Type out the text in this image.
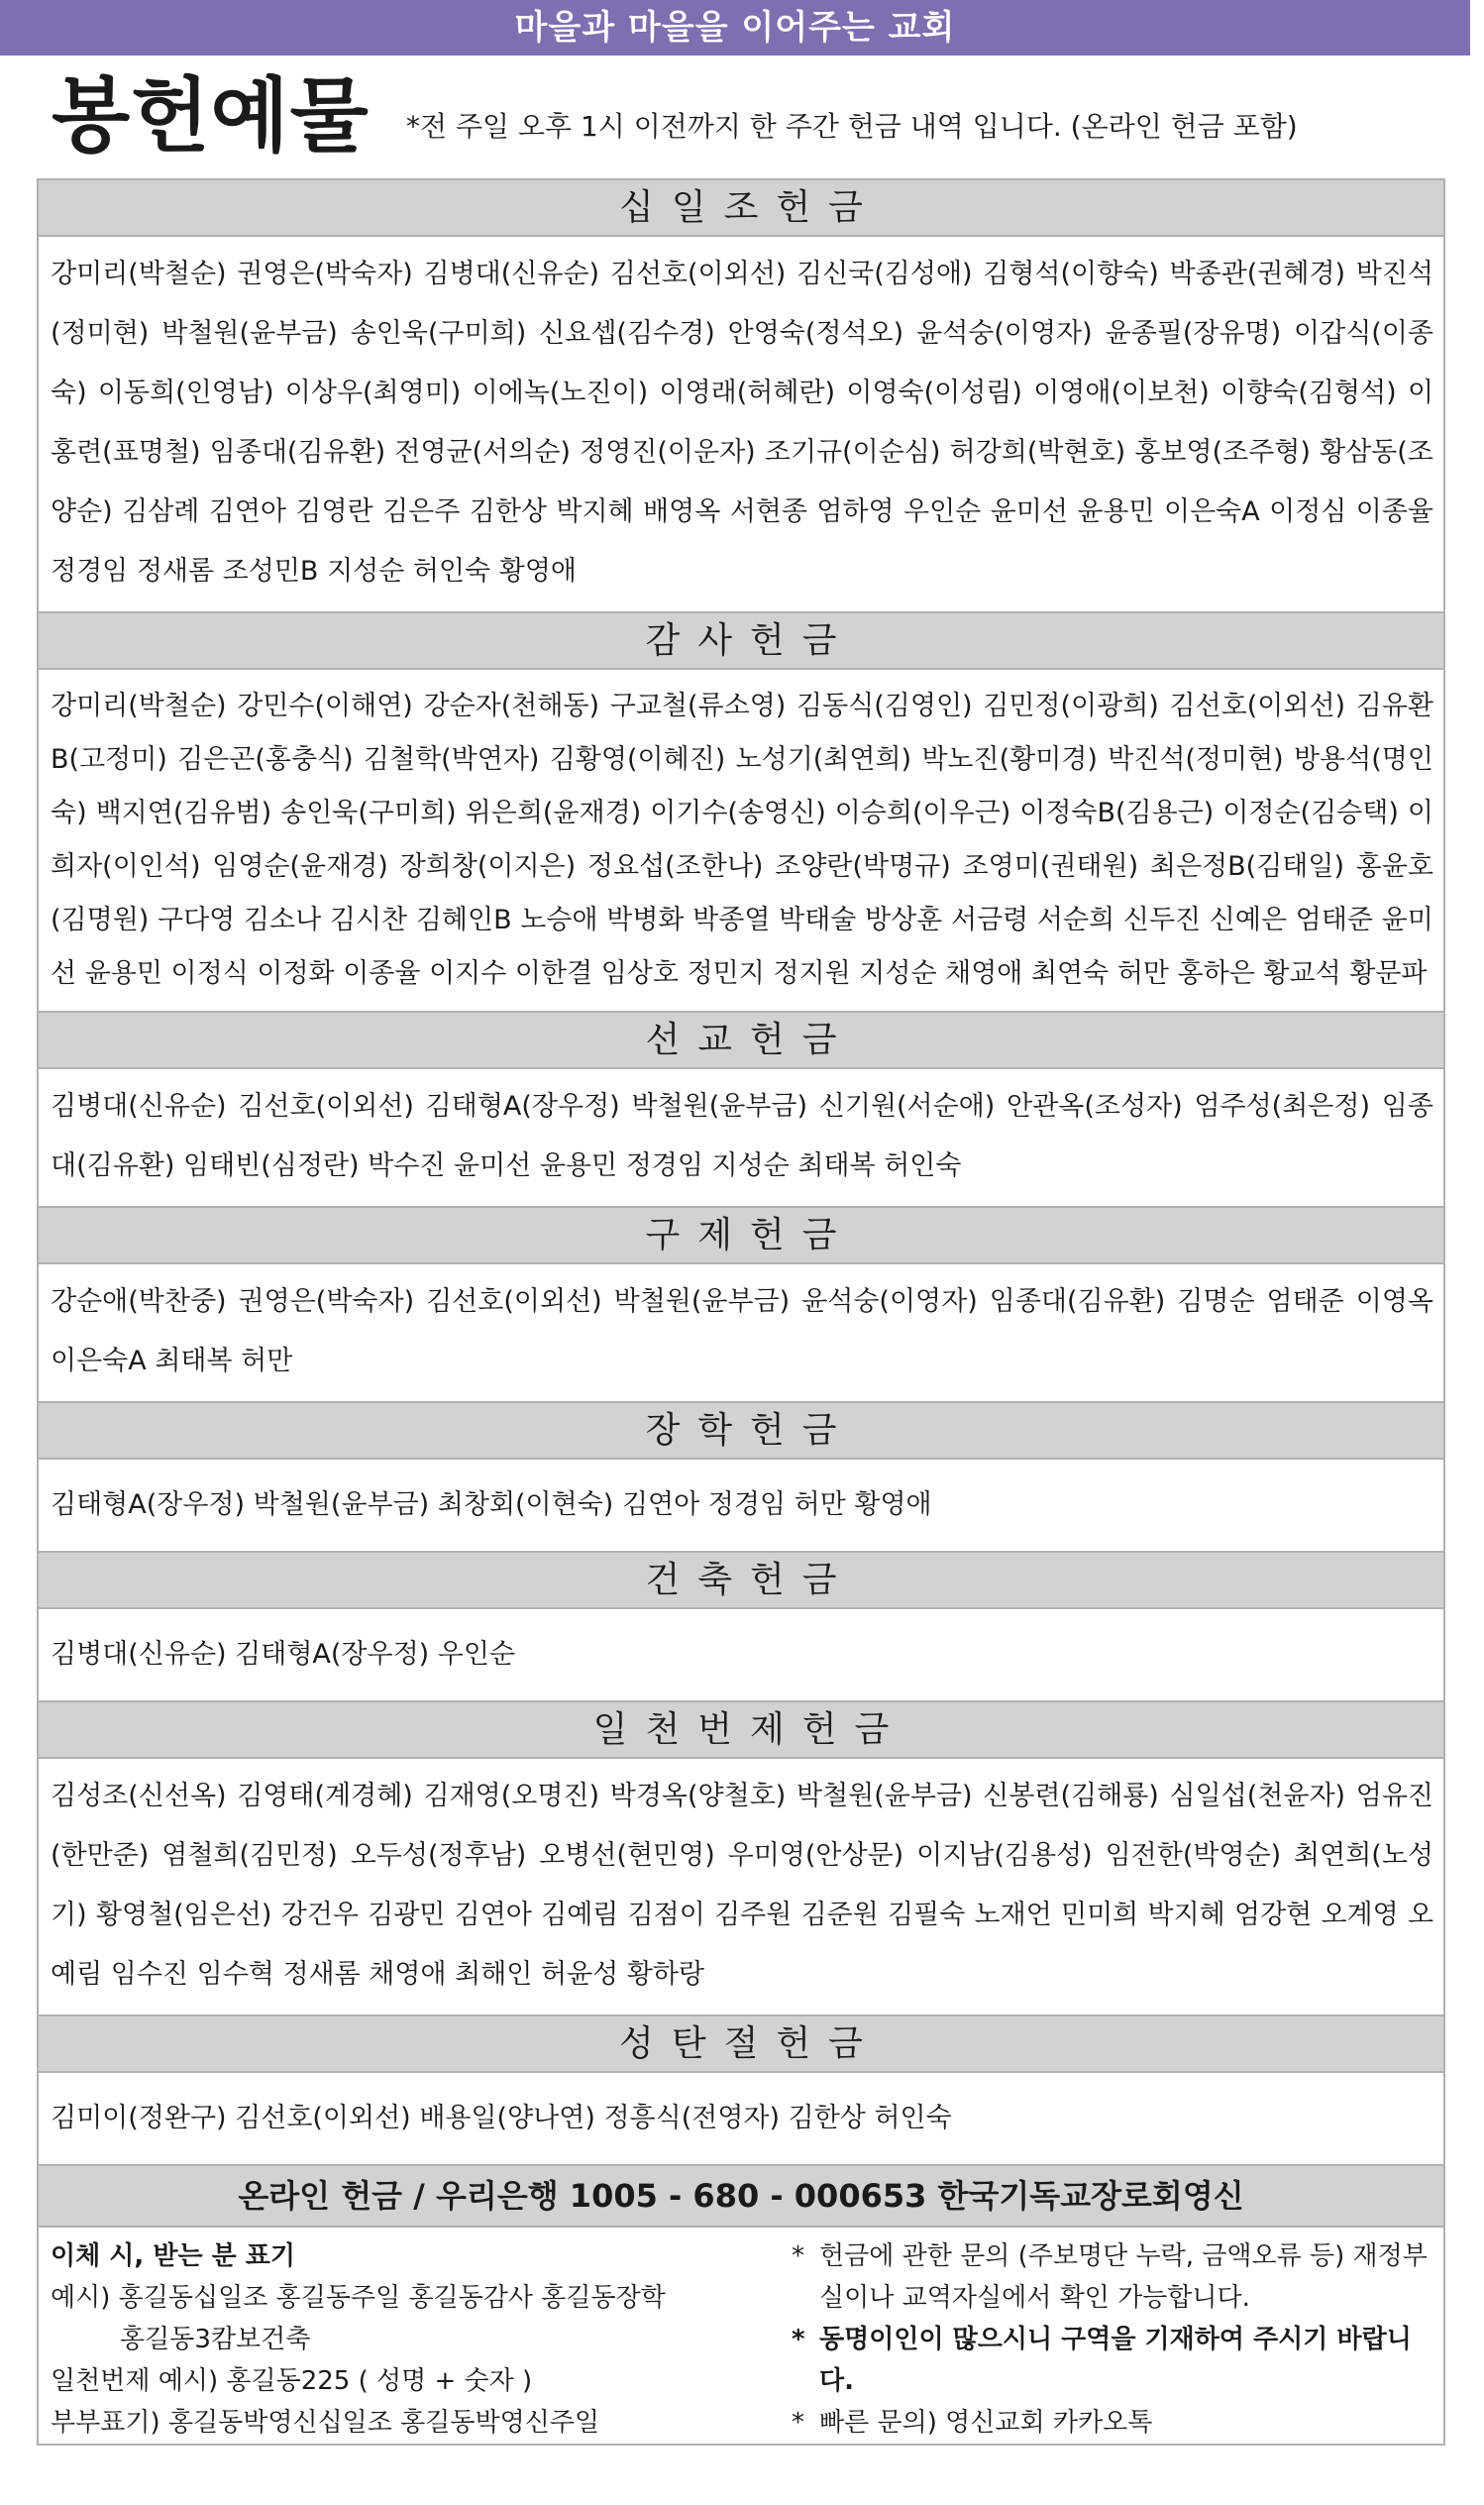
마을과 마을을 이어주는 교회
봉헌예물 *전 주일 오후 1시 이전까지 한 주간 헌금 내역 입니다. (온라인 헌금 포함)
십일조헌금
강미리(박철순) 권영은(박숙자) 김병대(신유순) 김선호(이외선) 김신국(김성애) 김형석(이향숙) 박종관(권혜경) 박진석(정미현) 박철원(윤부금) 송인욱(구미희) 신요셉(김수경) 안영숙(정석오) 윤석숭(이영자) 윤종필(장유명) 이갑식(이종숙) 이동희(인영남) 이상우(최영미) 이에녹(노진이) 이영래(허혜란) 이영숙(이성림) 이영애(이보천) 이향숙(김형석) 이홍련(표명철) 임종대(김유환) 전영균(서의순) 정영진(이운자) 조기규(이순심) 허강희(박현호) 홍보영(조주형) 황삼동(조양순) 김삼례 김연아 김영란 김은주 김한상 박지혜 배영옥 서현종 엄하영 우인순 윤미선 윤용민 이은숙A 이정심 이종율 정경임 정새롬 조성민B 지성순 허인숙 황영애
감사헌금
강미리(박철순) 강민수(이해연) 강순자(천해동) 구교철(류소영) 김동식(김영인) 김민정(이광희) 김선호(이외선) 김유환B(고정미) 김은곤(홍충식) 김철학(박연자) 김황영(이혜진) 노성기(최연희) 박노진(황미경) 박진석(정미현) 방용석(명인숙) 백지연(김유범) 송인욱(구미희) 위은희(윤재경) 이기수(송영신) 이승희(이우근) 이정숙B(김용근) 이정순(김승택) 이희자(이인석) 임영순(윤재경) 장희창(이지은) 정요섭(조한나) 조양란(박명규) 조영미(권태원) 최은정B(김태일) 홍윤호(김명원) 구다영 김소나 김시찬 김혜인B 노승애 박병화 박종열 박태술 방상훈 서금령 서순희 신두진 신예은 엄태준 윤미선 윤용민 이정식 이정화 이종율 이지수 이한결 임상호 정민지 정지원 지성순 채영애 최연숙 허만 홍하은 황교석 황문파
선교헌금
김병대(신유순) 김선호(이외선) 김태형A(장우정) 박철원(윤부금) 신기원(서순애) 안관옥(조성자) 엄주성(최은정) 임종대(김유환) 임태빈(심정란) 박수진 윤미선 윤용민 정경임 지성순 최태복 허인숙
구제헌금
강순애(박찬중) 권영은(박숙자) 김선호(이외선) 박철원(윤부금) 윤석숭(이영자) 임종대(김유환) 김명순 엄태준 이영옥 이은숙A 최태복 허만
장학헌금
김태형A(장우정) 박철원(윤부금) 최창회(이현숙) 김연아 정경임 허만 황영애
건축헌금
김병대(신유순) 김태형A(장우정) 우인순
일천번제헌금
김성조(신선옥) 김영태(계경혜) 김재영(오명진) 박경옥(양철호) 박철원(윤부금) 신봉련(김해룡) 심일섭(천윤자) 엄유진(한만준) 염철희(김민정) 오두성(정후남) 오병선(현민영) 우미영(안상문) 이지남(김용성) 임전한(박영순) 최연희(노성기) 황영철(임은선) 강건우 김광민 김연아 김예림 김점이 김주원 김준원 김필숙 노재언 민미희 박지혜 엄강현 오계영 오예림 임수진 임수혁 정새롬 채영애 최해인 허윤성 황하랑
성탄절헌금
김미이(정완구) 김선호(이외선) 배용일(양나연) 정흥식(전영자) 김한상 허인숙
온라인 헌금 / 우리은행 1005 - 680 - 000653 한국기독교장로회영신
이체 시, 받는 분 표기
예시) 홍길동십일조 홍길동주일 홍길동감사 홍길동장학
홍길동3캄보건축
일천번제 예시) 홍길동225 ( 성명 + 숫자 )
부부표기) 홍길동박영신십일조 홍길동박영신주일
* 헌금에 관한 문의 (주보명단 누락, 금액오류 등) 재정부실이나 교역자실에서 확인 가능합니다.
* 동명이인이 많으시니 구역을 기재하여 주시기 바랍니다.
* 빠른 문의) 영신교회 카카오톡
